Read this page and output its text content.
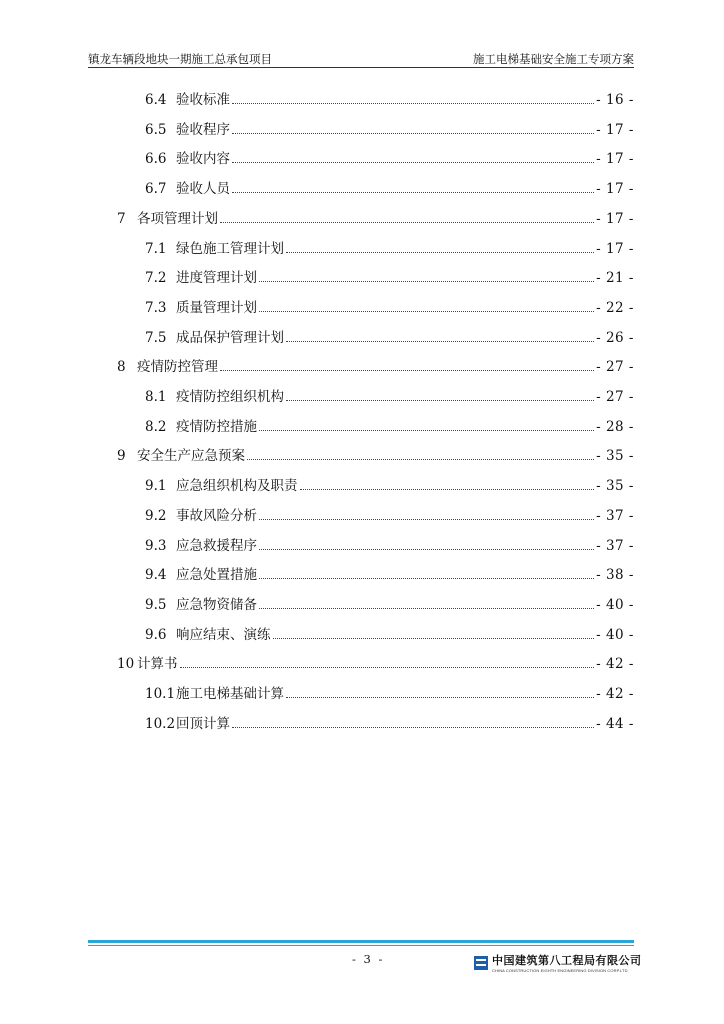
镇龙车辆段地块一期施工总承包项目	施工电梯基础安全施工专项方案
6.4 验收标准	- 16 -
6.5 验收程序	- 17 -
6.6 验收内容	- 17 -
6.7 验收人员	- 17 -
7 各项管理计划	- 17 -
7.1 绿色施工管理计划	- 17 -
7.2 进度管理计划	- 21 -
7.3 质量管理计划	- 22 -
7.5 成品保护管理计划	- 26 -
8 疫情防控管理	- 27 -
8.1 疫情防控组织机构	- 27 -
8.2 疫情防控措施	- 28 -
9 安全生产应急预案	- 35 -
9.1 应急组织机构及职责	- 35 -
9.2 事故风险分析	- 37 -
9.3 应急救援程序	- 37 -
9.4 应急处置措施	- 38 -
9.5 应急物资储备	- 40 -
9.6 响应结束、演练	- 40 -
10 计算书	- 42 -
10.1 施工电梯基础计算	- 42 -
10.2 回顶计算	- 44 -
- 3 -	中国建筑第八工程局有限公司
CHINA CONSTRUCTION EIGHTH ENGINEERING DIVISION CORP.LTD
